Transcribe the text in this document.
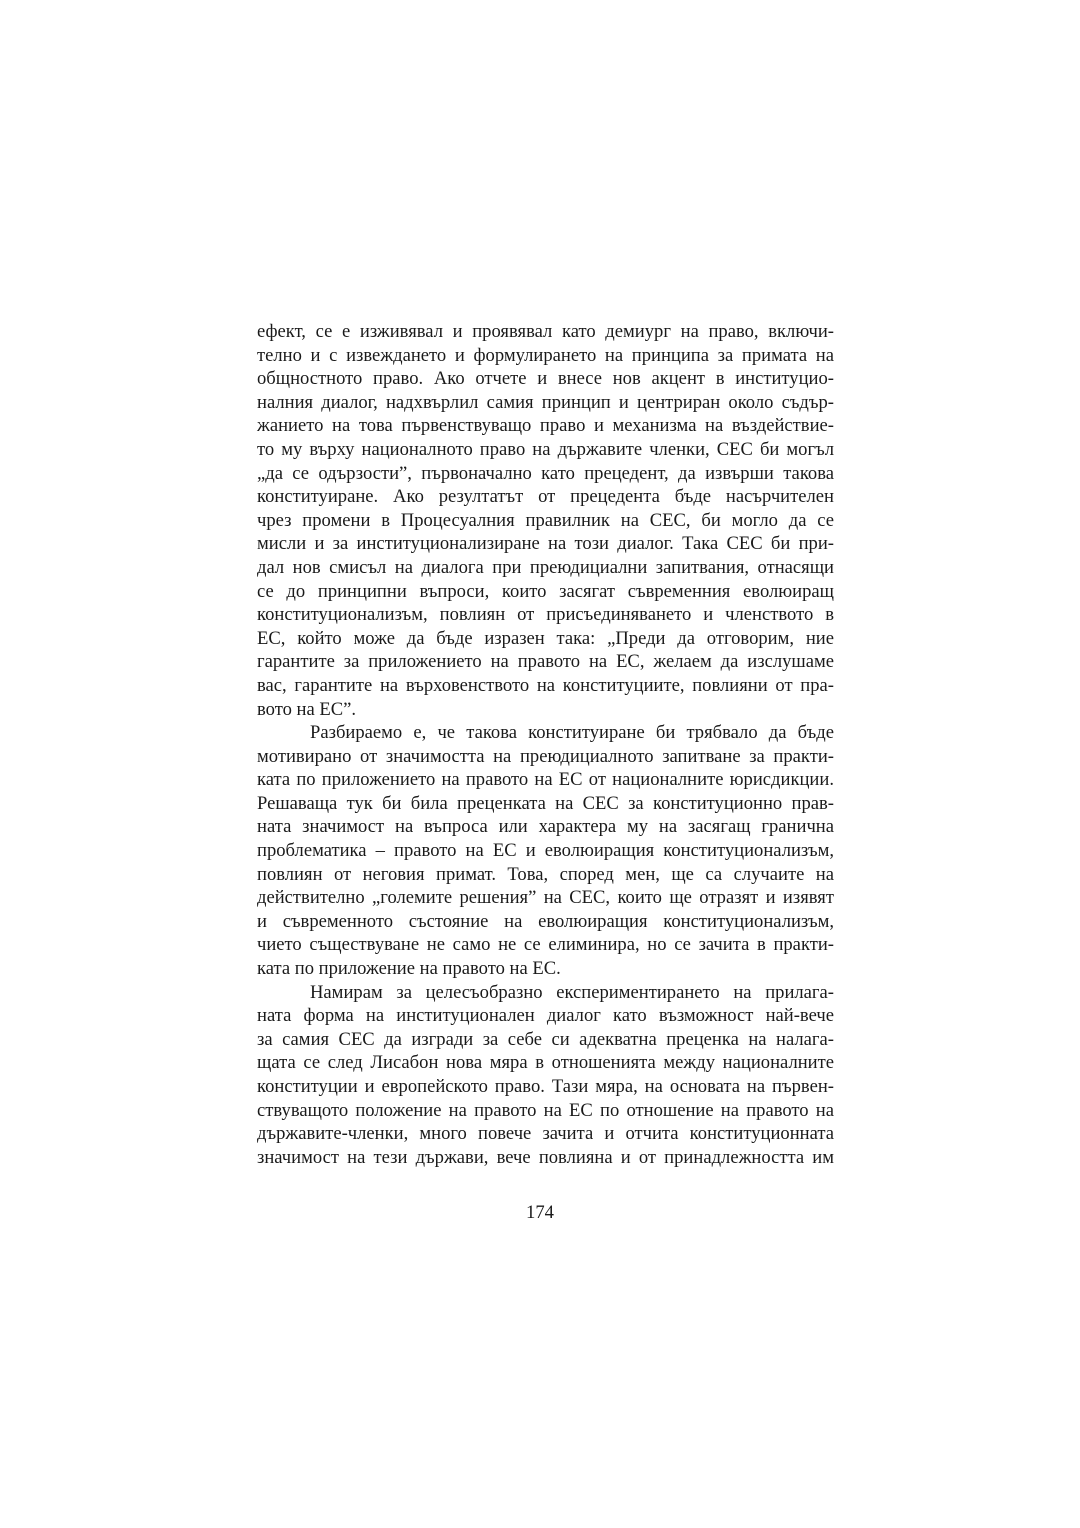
ефект, се е изживявал и проявявал като демиург на право, включи-
телно и с извеждането и формулирането на принципа за примата на
общностното право. Ако отчете и внесе нов акцент в институцио-
налния диалог, надхвърлил самия принцип и центриран около съдър-
жанието на това първенствуващо право и механизма на въздействие-
то му върху националното право на държавите членки, СЕС би могъл
„да се одързости”, първоначално като прецедент, да извърши такова
конституиране. Ако резултатът от прецедента бъде насърчителен
чрез промени в Процесуалния правилник на СЕС, би могло да се
мисли и за институционализиране на този диалог. Така СЕС би при-
дал нов смисъл на диалога при преюдициални запитвания, отнасящи
се до принципни въпроси, които засягат съвременния еволюиращ
конституционализъм, повлиян от присъединяването и членството в
ЕС, който може да бъде изразен така: „Преди да отговорим, ние
гарантите за приложението на правото на ЕС, желаем да изслушаме
вас, гарантите на върховенството на конституциите, повлияни от пра-
вото на ЕС”.
Разбираемо е, че такова конституиране би трябвало да бъде
мотивирано от значимостта на преюдициалното запитване за практи-
ката по приложението на правото на ЕС от националните юрисдикции.
Решаваща тук би била преценката на СЕС за конституционно прав-
ната значимост на въпроса или характера му на засягащ гранична
проблематика – правото на ЕС и еволюиращия конституционализъм,
повлиян от неговия примат. Това, според мен, ще са случаите на
действително „големите решения” на СЕС, които ще отразят и изявят
и съвременното състояние на еволюиращия конституционализъм,
чието съществуване не само не се елиминира, но се зачита в практи-
ката по приложение на правото на ЕС.
Намирам за целесъобразно експериментирането на прилага-
ната форма на институционален диалог като възможност най-вече
за самия СЕС да изгради за себе си адекватна преценка на налага-
щата се след Лисабон нова мяра в отношенията между националните
конституции и европейското право. Тази мяра, на основата на първен-
ствуващото положение на правото на ЕС по отношение на правото на
държавите-членки, много повече зачита и отчита конституционната
значимост на тези държави, вече повлияна и от принадлежността им
174
